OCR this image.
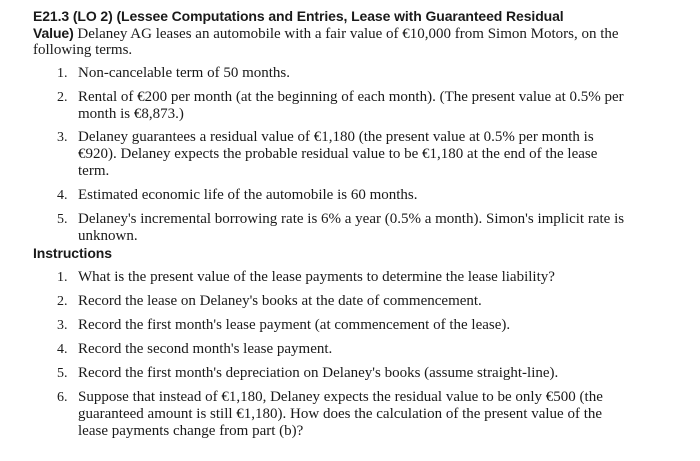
E21.3 (LO 2) (Lessee Computations and Entries, Lease with Guaranteed Residual
Value) Delaney AG leases an automobile with a fair value of €10,000 from Simon Motors, on the
following terms.
1. Non-cancelable term of 50 months.
2. Rental of €200 per month (at the beginning of each month). (The present value at 0.5% per
month is €8,873.)
3. Delaney guarantees a residual value of €1,180 (the present value at 0.5% per month is
€920). Delaney expects the probable residual value to be €1,180 at the end of the lease
term.
4. Estimated economic life of the automobile is 60 months.
5. Delaney's incremental borrowing rate is 6% a year (0.5% a month). Simon's implicit rate is
unknown.
Instructions
1. What is the present value of the lease payments to determine the lease liability?
2. Record the lease on Delaney's books at the date of commencement.
3. Record the first month's lease payment (at commencement of the lease).
4. Record the second month's lease payment.
5. Record the first month's depreciation on Delaney's books (assume straight-line).
6. Suppose that instead of €1,180, Delaney expects the residual value to be only €500 (the
guaranteed amount is still €1,180). How does the calculation of the present value of the
lease payments change from part (b)?
